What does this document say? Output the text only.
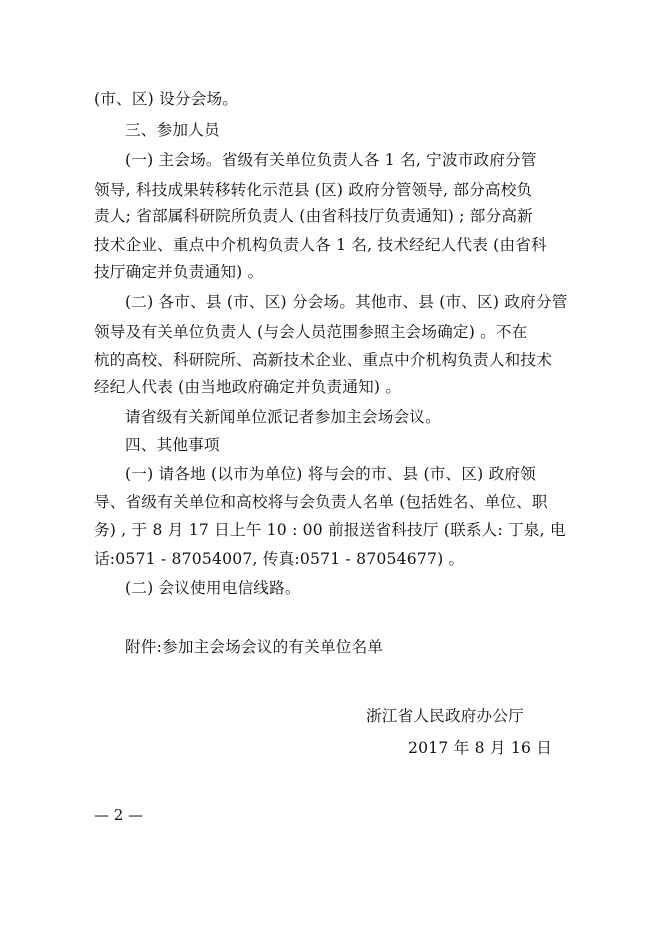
(市、区) 设分会场。
三、参加人员
(一) 主会场。省级有关单位负责人各 1 名, 宁波市政府分管
领导, 科技成果转移转化示范县 (区) 政府分管领导, 部分高校负
责人; 省部属科研院所负责人 (由省科技厅负责通知) ; 部分高新
技术企业、重点中介机构负责人各 1 名, 技术经纪人代表 (由省科
技厅确定并负责通知) 。
(二) 各市、县 (市、区) 分会场。其他市、县 (市、区) 政府分管
领导及有关单位负责人 (与会人员范围参照主会场确定) 。不在
杭的高校、科研院所、高新技术企业、重点中介机构负责人和技术
经纪人代表 (由当地政府确定并负责通知) 。
请省级有关新闻单位派记者参加主会场会议。
四、其他事项
(一) 请各地 (以市为单位) 将与会的市、县 (市、区) 政府领
导、省级有关单位和高校将与会负责人名单 (包括姓名、单位、职
务) , 于 8 月 17 日上午 10 : 00 前报送省科技厅 (联系人: 丁泉, 电
话:0571 - 87054007, 传真:0571 - 87054677) 。
(二) 会议使用电信线路。
附件:参加主会场会议的有关单位名单
浙江省人民政府办公厅
2017 年 8 月 16 日
— 2 —
